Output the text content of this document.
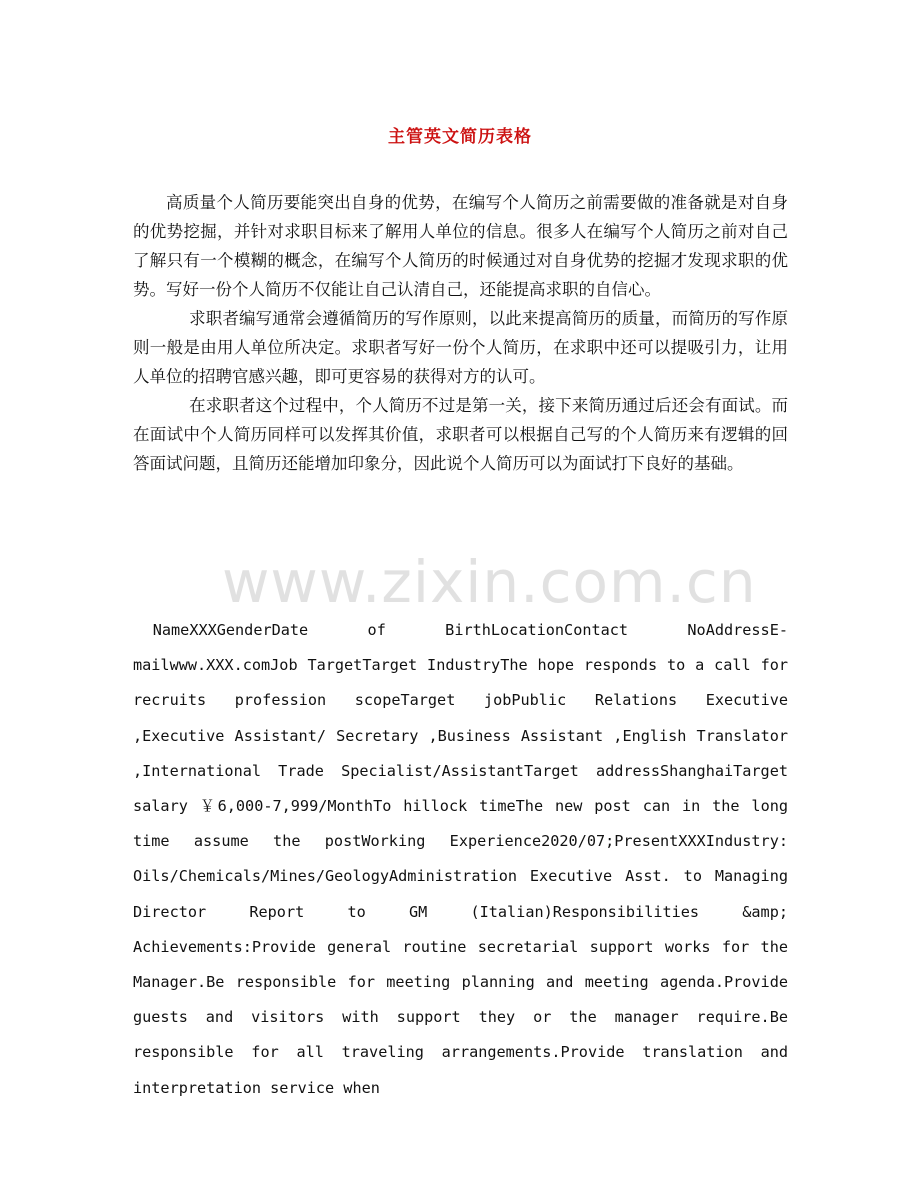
主管英文简历表格

高质量个人简历要能突出自身的优势，在编写个人简历之前需要做的准备就是对自身的优势挖掘，并针对求职目标来了解用人单位的信息。很多人在编写个人简历之前对自己了解只有一个模糊的概念，在编写个人简历的时候通过对自身优势的挖掘才发现求职的优势。写好一份个人简历不仅能让自己认清自己，还能提高求职的自信心。

求职者编写通常会遵循简历的写作原则，以此来提高简历的质量，而简历的写作原则一般是由用人单位所决定。求职者写好一份个人简历，在求职中还可以提吸引力，让用人单位的招聘官感兴趣，即可更容易的获得对方的认可。

在求职者这个过程中，个人简历不过是第一关，接下来简历通过后还会有面试。而在面试中个人简历同样可以发挥其价值，求职者可以根据自己写的个人简历来有逻辑的回答面试问题，且简历还能增加印象分，因此说个人简历可以为面试打下良好的基础。

NameXXXGenderDate of BirthLocationContact NoAddressE-mailwww.XXX.comJob TargetTarget IndustryThe hope responds to a call for recruits profession scopeTarget jobPublic Relations Executive ,Executive Assistant/ Secretary ,Business Assistant ,English Translator ,International Trade Specialist/AssistantTarget addressShanghaiTarget salary ￥6,000-7,999/MonthTo hillock timeThe new post can in the long time assume the postWorking Experience2020/07;PresentXXXIndustry: Oils/Chemicals/Mines/GeologyAdministration Executive Asst. to Managing Director Report to GM (Italian)Responsibilities &amp; Achievements:Provide general routine secretarial support works for the Manager.Be responsible for meeting planning and meeting agenda.Provide guests and visitors with support they or the manager require.Be responsible for all traveling arrangements.Provide translation and interpretation service when
www.zixin.com.cn
